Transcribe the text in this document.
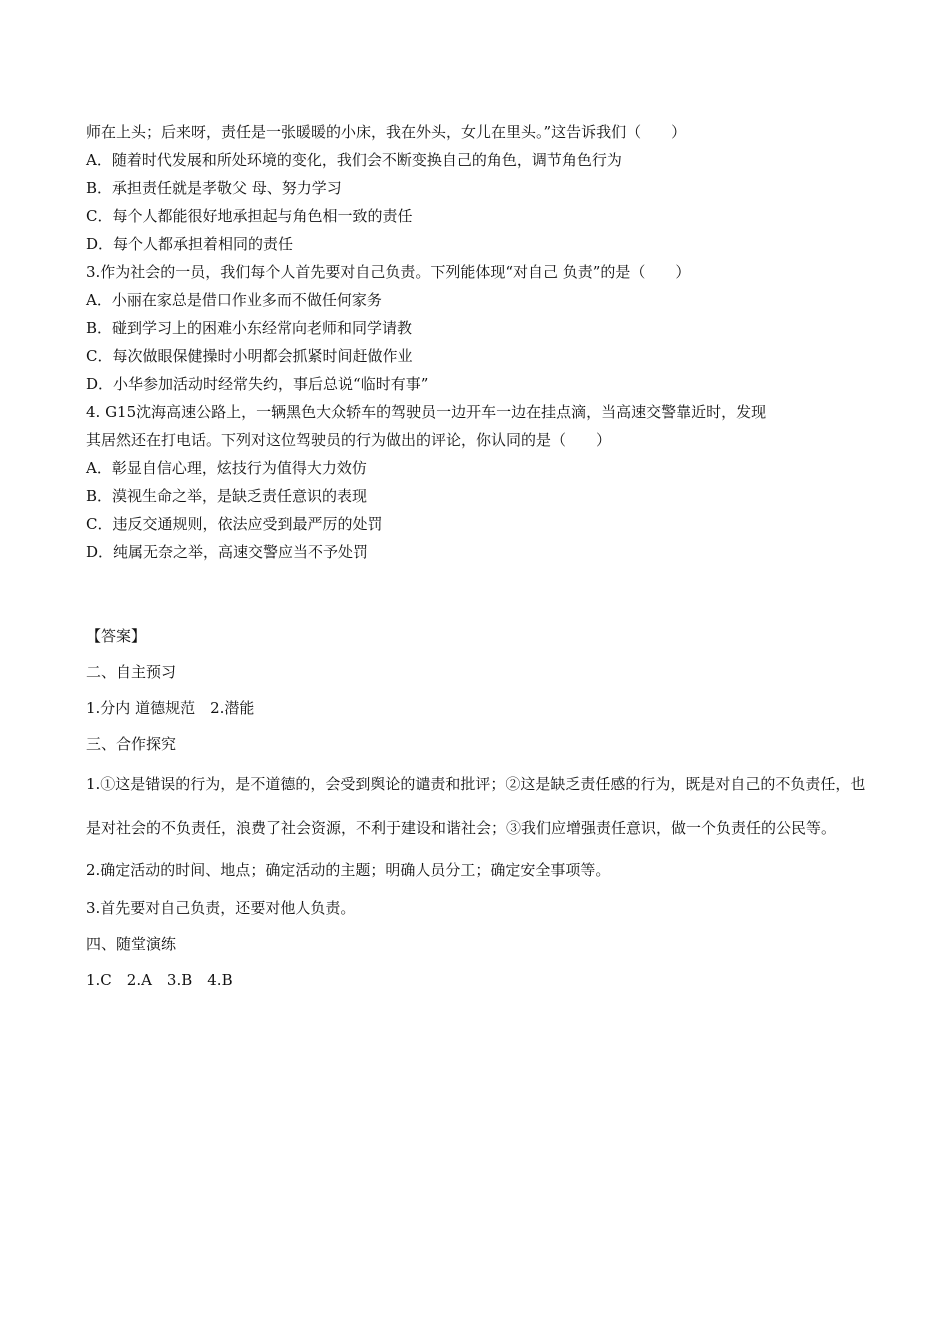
师在上头；后来呀，责任是一张暖暖的小床，我在外头，女儿在里头。”这告诉我们（　　）
A．随着时代发展和所处环境的变化，我们会不断变换自己的角色，调节角色行为
B．承担责任就是孝敬父 母、努力学习
C．每个人都能很好地承担起与角色相一致的责任
D．每个人都承担着相同的责任
3.作为社会的一员，我们每个人首先要对自己负责。下列能体现“对自己 负责”的是（　　）
A．小丽在家总是借口作业多而不做任何家务
B．碰到学习上的困难小东经常向老师和同学请教
C．每次做眼保健操时小明都会抓紧时间赶做作业
D．小华参加活动时经常失约，事后总说“临时有事”
4. G15沈海高速公路上，一辆黑色大众轿车的驾驶员一边开车一边在挂点滴，当高速交警靠近时，发现
其居然还在打电话。下列对这位驾驶员的行为做出的评论，你认同的是（　　）
A．彰显自信心理，炫技行为值得大力效仿
B．漠视生命之举，是缺乏责任意识的表现
C．违反交通规则，依法应受到最严厉的处罚
D．纯属无奈之举，高速交警应当不予处罚
【答案】
二、自主预习
1.分内 道德规范　2.潜能
三、合作探究
1.①这是错误的行为，是不道德的，会受到舆论的谴责和批评；②这是缺乏责任感的行为，既是对自己的不负责任，也是对社会的不负责任，浪费了社会资源，不利于建设和谐社会；③我们应增强责任意识，做一个负责任的公民等。
2.确定活动的时间、地点；确定活动的主题；明确人员分工；确定安全事项等。
3.首先要对自己负责，还要对他人负责。
四、随堂演练
1.C　2.A　3.B　4.B
